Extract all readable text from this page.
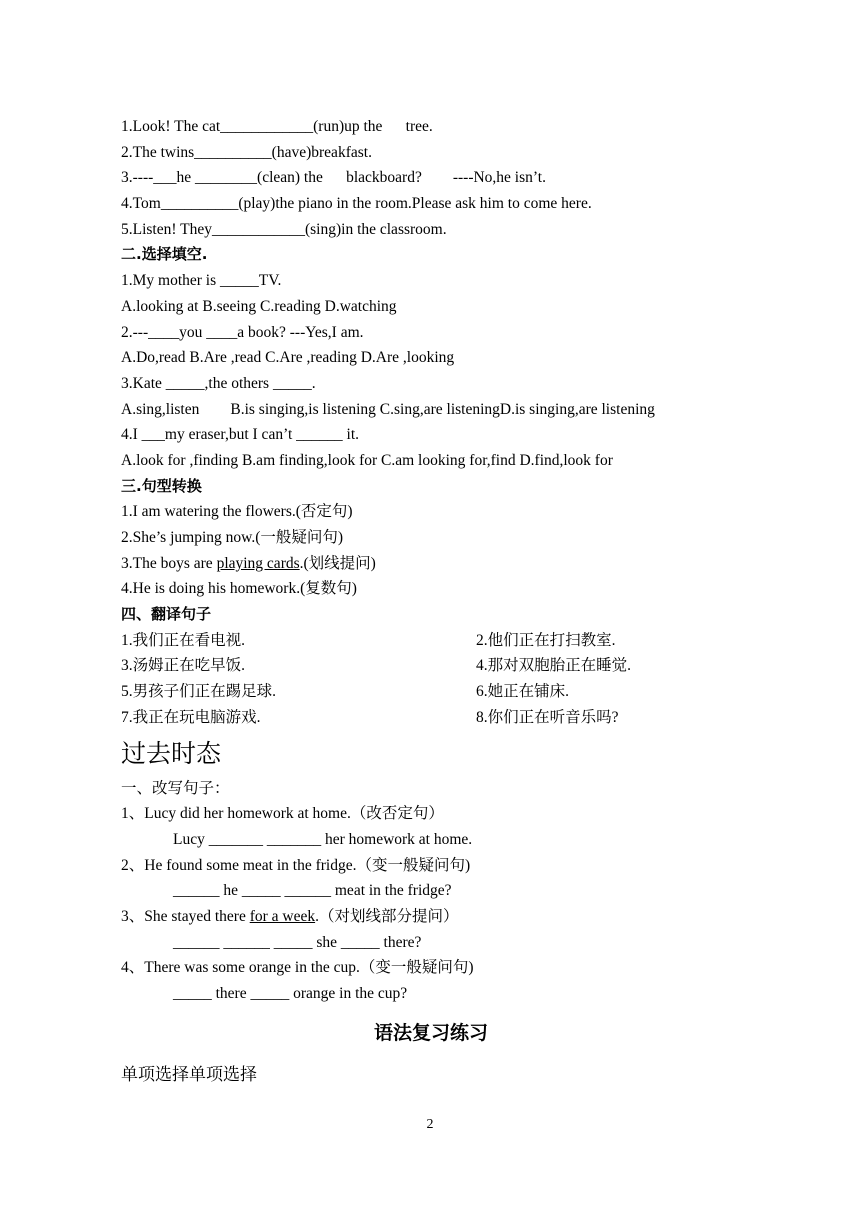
1.Look! The cat____________(run)up the      tree.
2.The twins__________(have)breakfast.
3.----___he ________(clean) the      blackboard?        ----No,he isn’t.
4.Tom__________(play)the piano in the room.Please ask him to come here.
5.Listen! They____________(sing)in the classroom.
二.选择填空.
1.My mother is _____TV.
A.looking at B.seeing C.reading D.watching
2.---____you ____a book? ---Yes,I am.
A.Do,read B.Are ,read C.Are ,reading D.Are ,looking
3.Kate _____,the others _____.
A.sing,listen        B.is singing,is listening C.sing,are listeningD.is singing,are listening
4.I ___my eraser,but I can’t ______ it.
A.look for ,finding B.am finding,look for C.am looking for,find D.find,look for
三.句型转换
1.I am watering the flowers.(否定句)
2.She’s jumping now.(一般疑问句)
3.The boys are playing cards.(划线提问)
4.He is doing his homework.(复数句)
四、翻译句子
1.我们正在看电视.	2.他们正在打扫教室.
3.汤姆正在吃早饭.	4.那对双胞胎正在睡觉.
5.男孩子们正在踢足球.	6.她正在铺床.
7.我正在玩电脑游戏.	8.你们正在听音乐吗?
过去时态
一、改写句子：
1、Lucy did her homework at home.（改否定句）
Lucy _______ _______ her homework at home.
2、He found some meat in the fridge.（变一般疑问句)
______ he _____ ______ meat in the fridge?
3、She stayed there for a week.（对划线部分提问）
______ ______ _____ she _____ there?
4、There was some orange in the cup.（变一般疑问句)
_____ there _____ orange in the cup?
语法复习练习
单项选择单项选择
2
